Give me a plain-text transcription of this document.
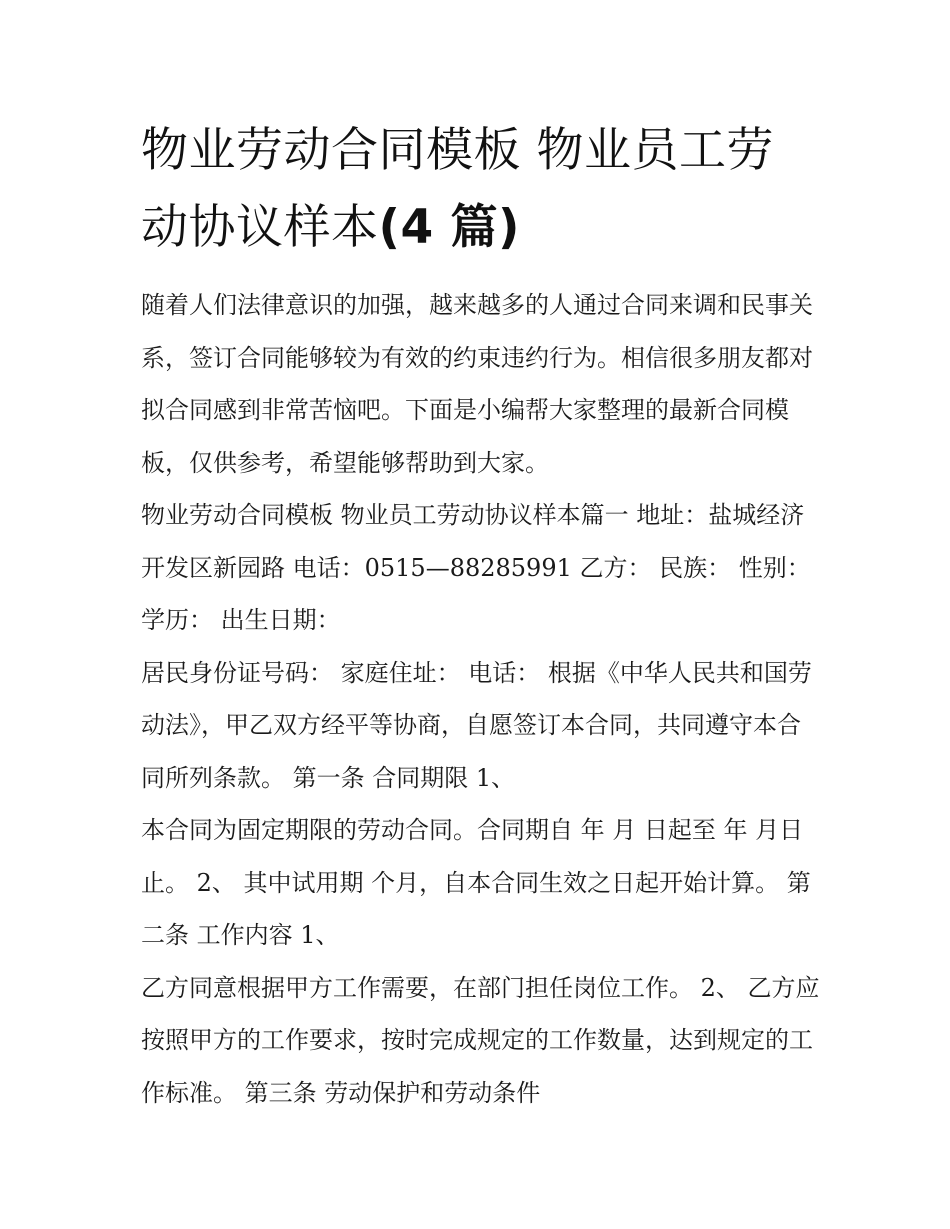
物业劳动合同模板 物业员工劳动协议样本(4 篇)

随着人们法律意识的加强，越来越多的人通过合同来调和民事关系，签订合同能够较为有效的约束违约行为。相信很多朋友都对拟合同感到非常苦恼吧。下面是小编帮大家整理的最新合同模板，仅供参考，希望能够帮助到大家。

物业劳动合同模板 物业员工劳动协议样本篇一 地址：盐城经济开发区新园路 电话：0515—88285991 乙方： 民族： 性别：学历： 出生日期：

居民身份证号码： 家庭住址： 电话： 根据《中华人民共和国劳动法》，甲乙双方经平等协商，自愿签订本合同，共同遵守本合同所列条款。 第一条 合同期限 1、

本合同为固定期限的劳动合同。合同期自 年 月 日起至 年 月日止。 2、 其中试用期 个月，自本合同生效之日起开始计算。 第二条 工作内容 1、

乙方同意根据甲方工作需要，在部门担任岗位工作。 2、 乙方应按照甲方的工作要求，按时完成规定的工作数量，达到规定的工作标准。 第三条 劳动保护和劳动条件
